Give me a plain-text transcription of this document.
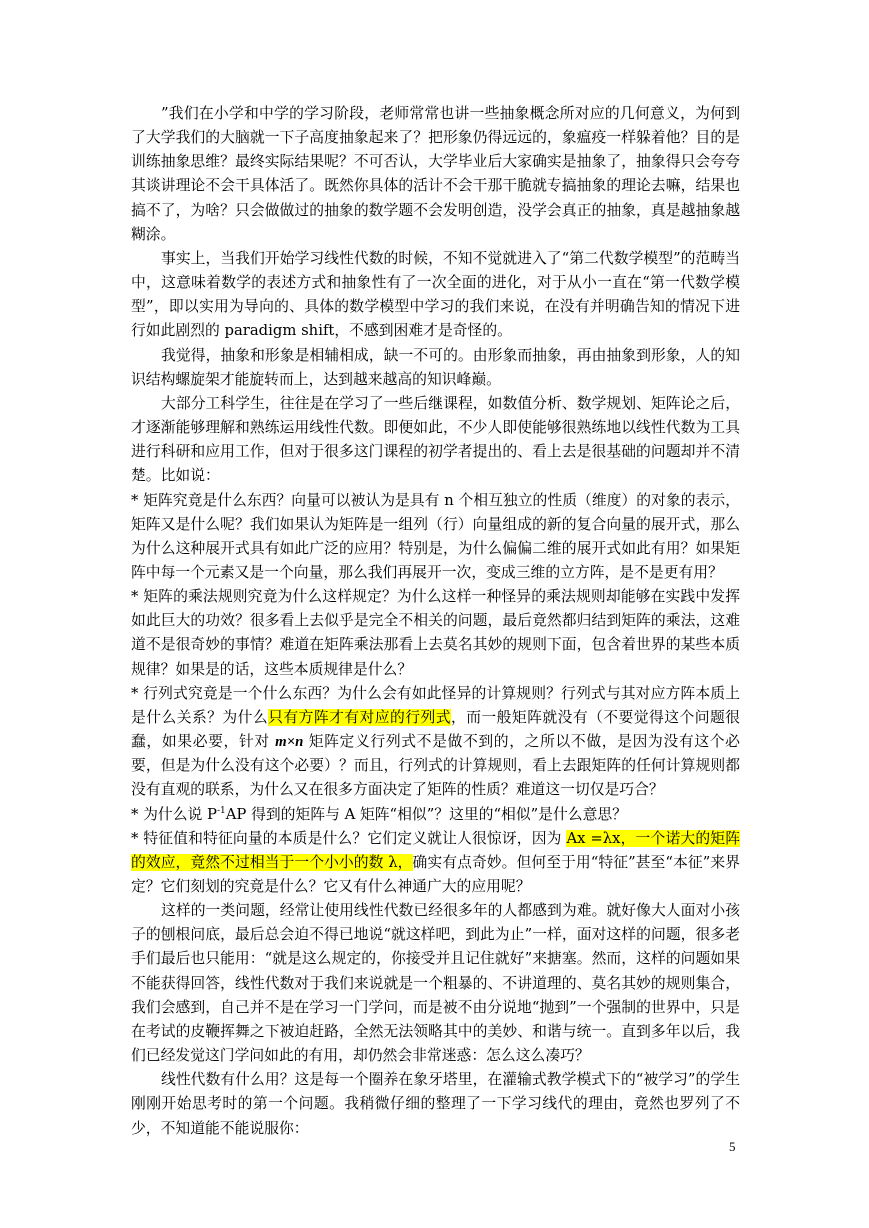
”我们在小学和中学的学习阶段，老师常常也讲一些抽象概念所对应的几何意义，为何到了大学我们的大脑就一下子高度抽象起来了？把形象仍得远远的，象瘟疫一样躲着他？目的是训练抽象思维？最终实际结果呢？不可否认，大学毕业后大家确实是抽象了，抽象得只会夸夸其谈讲理论不会干具体活了。既然你具体的活计不会干那干脆就专搞抽象的理论去嘛，结果也搞不了，为啥？只会做做过的抽象的数学题不会发明创造，没学会真正的抽象，真是越抽象越糊涂。

事实上，当我们开始学习线性代数的时候，不知不觉就进入了“第二代数学模型”的范畴当中，这意味着数学的表述方式和抽象性有了一次全面的进化，对于从小一直在“第一代数学模型”，即以实用为导向的、具体的数学模型中学习的我们来说，在没有并明确告知的情况下进行如此剧烈的 paradigm shift，不感到困难才是奇怪的。

我觉得，抽象和形象是相辅相成，缺一不可的。由形象而抽象，再由抽象到形象，人的知识结构螺旋架才能旋转而上，达到越来越高的知识峰巅。

大部分工科学生，往往是在学习了一些后继课程，如数值分析、数学规划、矩阵论之后，才逐渐能够理解和熟练运用线性代数。即便如此，不少人即使能够很熟练地以线性代数为工具进行科研和应用工作，但对于很多这门课程的初学者提出的、看上去是很基础的问题却并不清楚。比如说：

* 矩阵究竟是什么东西？向量可以被认为是具有 n 个相互独立的性质（维度）的对象的表示，矩阵又是什么呢？我们如果认为矩阵是一组列（行）向量组成的新的复合向量的展开式，那么为什么这种展开式具有如此广泛的应用？特别是，为什么偏偏二维的展开式如此有用？如果矩阵中每一个元素又是一个向量，那么我们再展开一次，变成三维的立方阵，是不是更有用？

* 矩阵的乘法规则究竟为什么这样规定？为什么这样一种怪异的乘法规则却能够在实践中发挥如此巨大的功效？很多看上去似乎是完全不相关的问题，最后竟然都归结到矩阵的乘法，这难道不是很奇妙的事情？难道在矩阵乘法那看上去莫名其妙的规则下面，包含着世界的某些本质规律？如果是的话，这些本质规律是什么？

* 行列式究竟是一个什么东西？为什么会有如此怪异的计算规则？行列式与其对应方阵本质上是什么关系？为什么只有方阵才有对应的行列式，而一般矩阵就没有（不要觉得这个问题很蠢，如果必要，针对 m×n 矩阵定义行列式不是做不到的，之所以不做，是因为没有这个必要，但是为什么没有这个必要）？而且，行列式的计算规则，看上去跟矩阵的任何计算规则都没有直观的联系，为什么又在很多方面决定了矩阵的性质？难道这一切仅是巧合？

* 为什么说 $P^{-1}AP$ 得到的矩阵与 A 矩阵“相似”？这里的“相似”是什么意思？

* 特征值和特征向量的本质是什么？它们定义就让人很惊讶，因为 Ax =λx，一个诺大的矩阵的效应，竟然不过相当于一个小小的数 λ，确实有点奇妙。但何至于用“特征”甚至“本征”来界定？它们刻划的究竟是什么？它又有什么神通广大的应用呢？

这样的一类问题，经常让使用线性代数已经很多年的人都感到为难。就好像大人面对小孩子的刨根问底，最后总会迫不得已地说“就这样吧，到此为止”一样，面对这样的问题，很多老手们最后也只能用：“就是这么规定的，你接受并且记住就好”来搪塞。然而，这样的问题如果不能获得回答，线性代数对于我们来说就是一个粗暴的、不讲道理的、莫名其妙的规则集合，我们会感到，自己并不是在学习一门学问，而是被不由分说地“抛到”一个强制的世界中，只是在考试的皮鞭挥舞之下被迫赶路，全然无法领略其中的美妙、和谐与统一。直到多年以后，我们已经发觉这门学问如此的有用，却仍然会非常迷惑：怎么这么凑巧？

线性代数有什么用？这是每一个圈养在象牙塔里，在灌输式教学模式下的“被学习”的学生刚刚开始思考时的第一个问题。我稍微仔细的整理了一下学习线代的理由，竟然也罗列了不少，不知道能不能说服你：

5
